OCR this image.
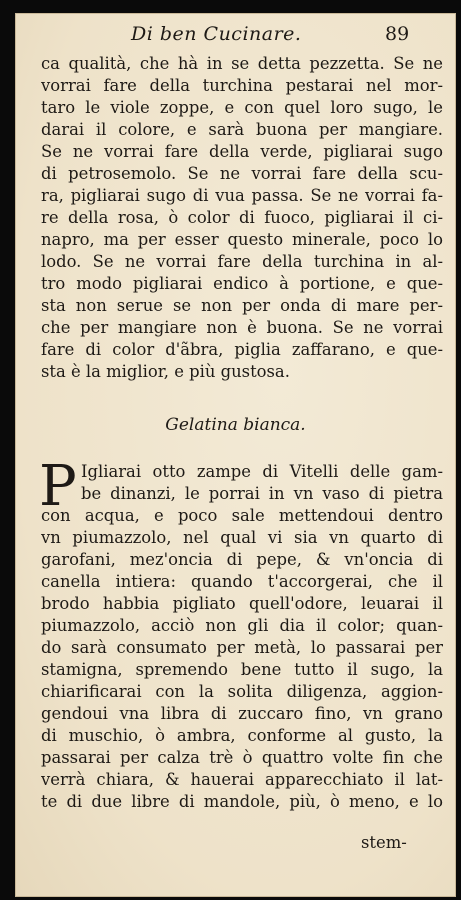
Di ben Cucinare.	89
ca qualità, che hà in se detta pezzetta. Se ne
vorrai fare della turchina pestarai nel mor-
taro le viole zoppe, e con quel loro sugo, le
darai il colore, e sarà buona per mangiare.
Se ne vorrai fare della verde, pigliarai sugo
di petrosemolo. Se ne vorrai fare della scu-
ra, pigliarai sugo di vua passa. Se ne vorrai fa-
re della rosa, ò color di fuoco, pigliarai il ci-
napro, ma per esser questo minerale, poco lo
lodo. Se ne vorrai fare della turchina in al-
tro modo pigliarai endico à portione, e que-
sta non serue se non per onda di mare per-
che per mangiare non è buona. Se ne vorrai
fare di color d'ãbra, piglia zaffarano, e que-
sta è la miglior, e più gustosa.
Gelatina bianca.
P Igliarai otto zampe di Vitelli delle gam-
be dinanzi, le porrai in vn vaso di pietra
con acqua, e poco sale mettendoui dentro
vn piumazzolo, nel qual vi sia vn quarto di
garofani, mez'oncia di pepe, & vn'oncia di
canella intiera: quando t'accorgerai, che il
brodo habbia pigliato quell'odore, leuarai il
piumazzolo, acciò non gli dia il color; quan-
do sarà consumato per metà, lo passarai per
stamigna, spremendo bene tutto il sugo, la
chiarificarai con la solita diligenza, aggion-
gendoui vna libra di zuccaro fino, vn grano
di muschio, ò ambra, conforme al gusto, la
passarai per calza trè ò quattro volte fin che
verrà chiara, & hauerai apparecchiato il lat-
te di due libre di mandole, più, ò meno, e lo
stem-
